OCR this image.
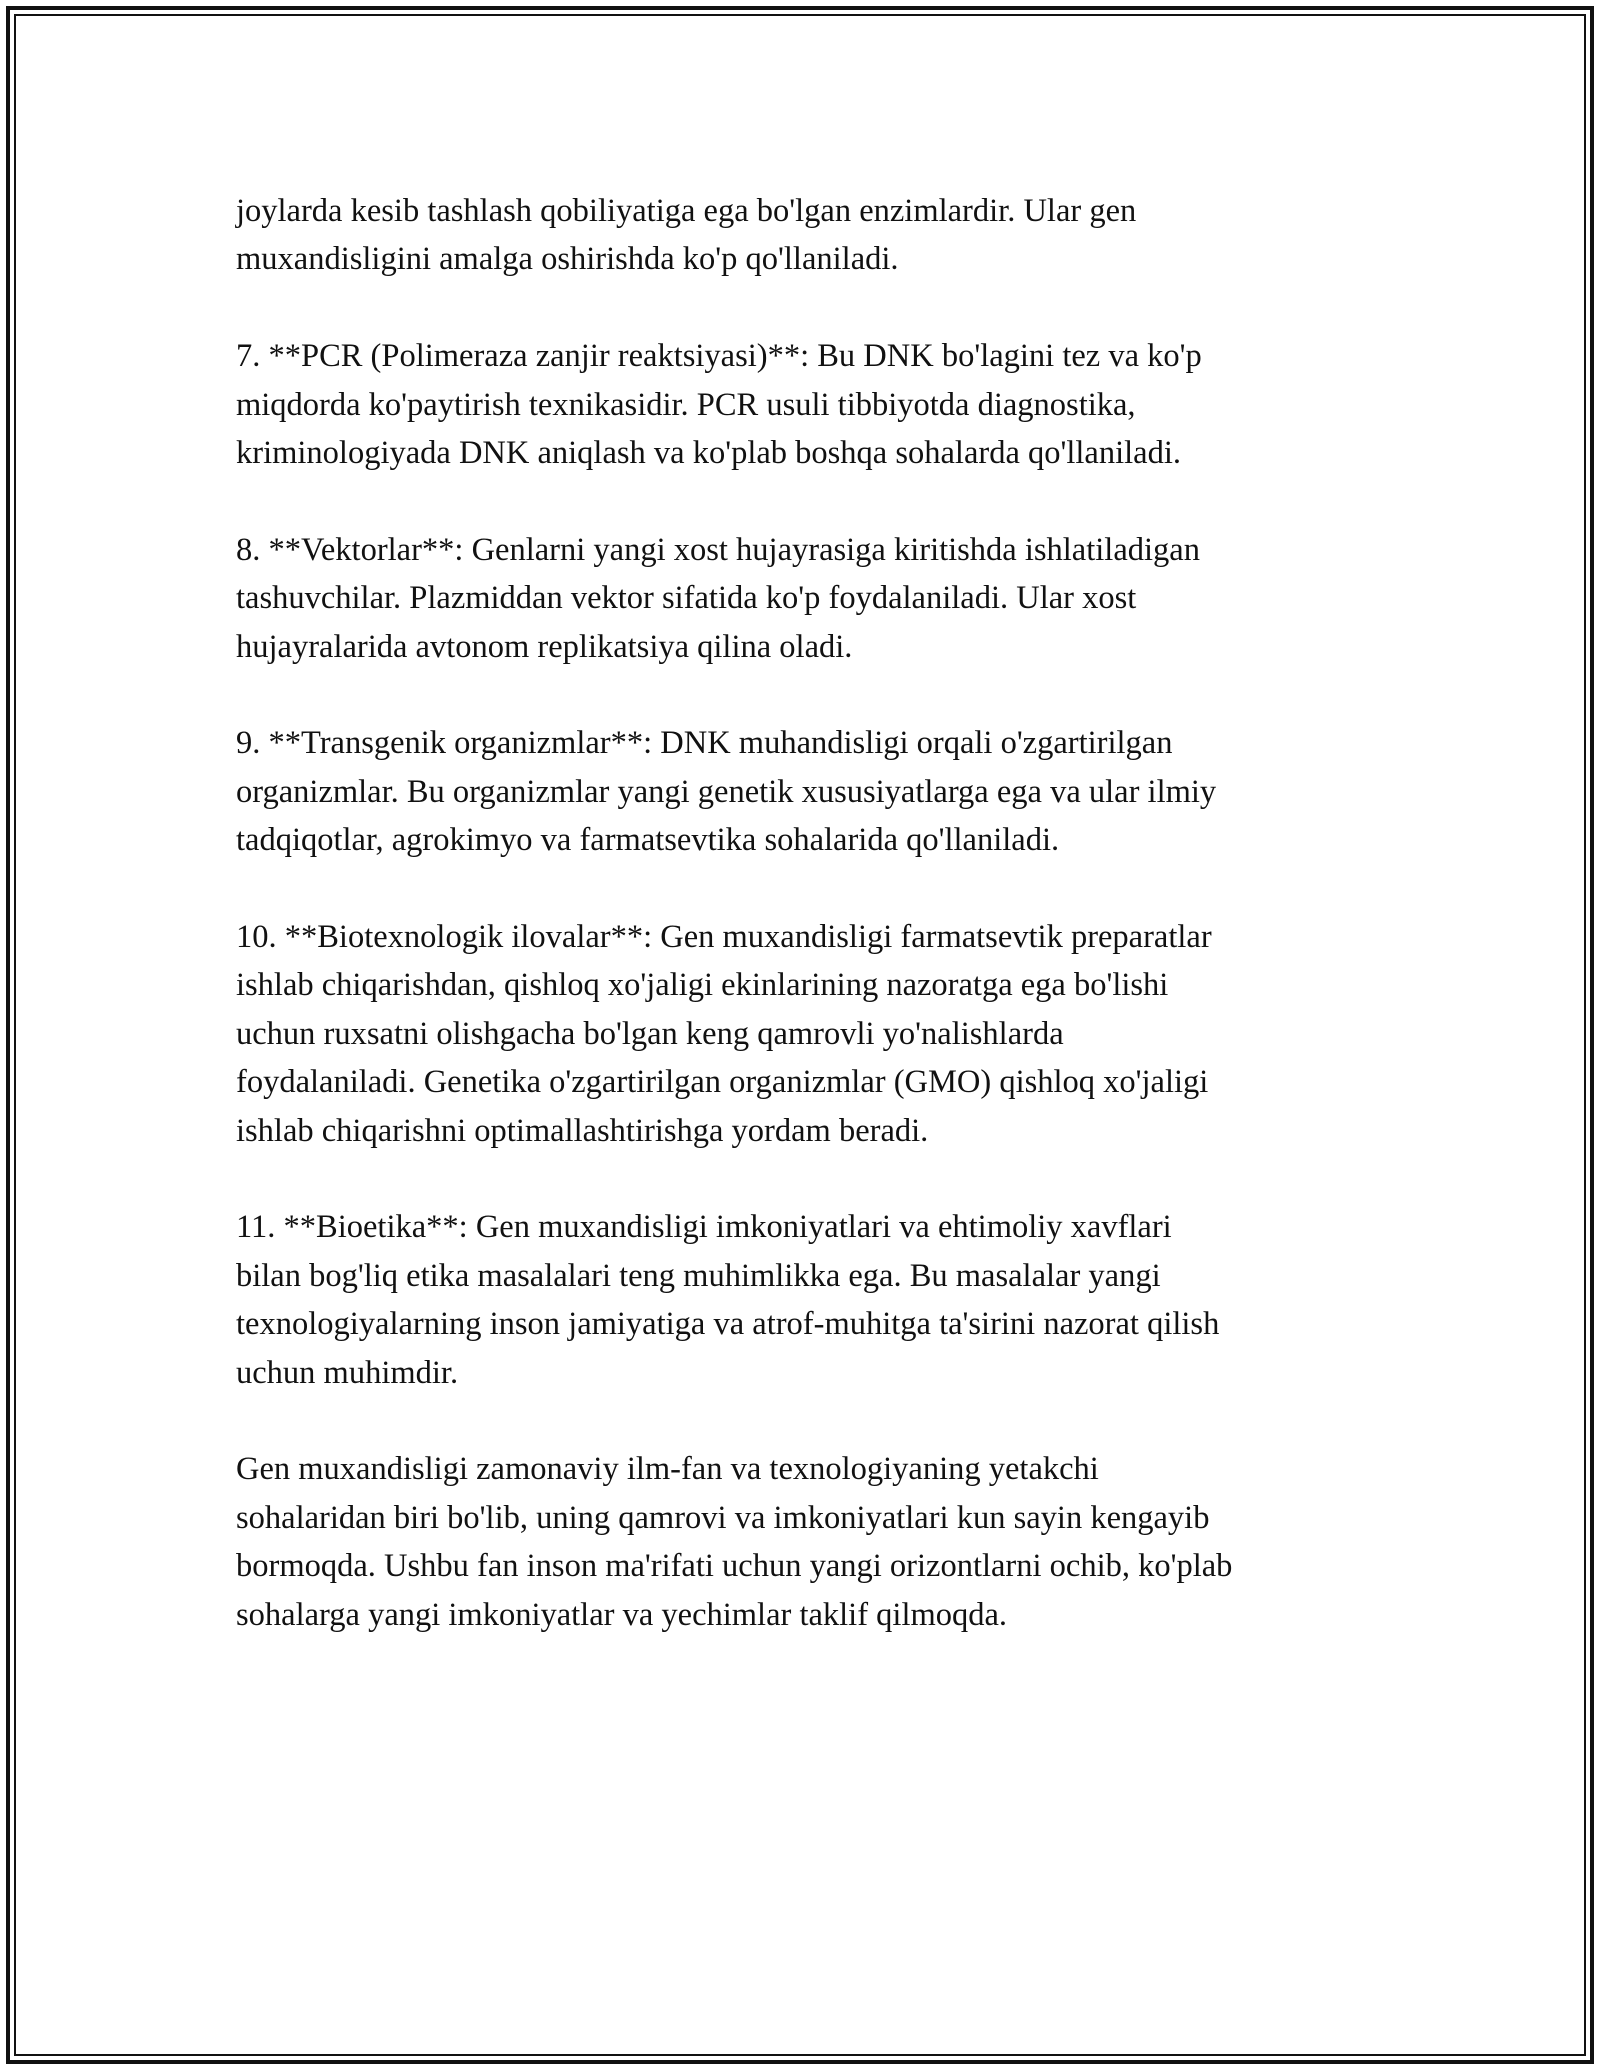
joylarda kesib tashlash qobiliyatiga ega bo'lgan enzimlardir. Ular gen
muxandisligini amalga oshirishda ko'p qo'llaniladi.

7. **PCR (Polimeraza zanjir reaktsiyasi)**: Bu DNK bo'lagini tez va ko'p
miqdorda ko'paytirish texnikasidir. PCR usuli tibbiyotda diagnostika,
kriminologiyada DNK aniqlash va ko'plab boshqa sohalarda qo'llaniladi.

8. **Vektorlar**: Genlarni yangi xost hujayrasiga kiritishda ishlatiladigan
tashuvchilar. Plazmiddan vektor sifatida ko'p foydalaniladi. Ular xost
hujayralarida avtonom replikatsiya qilina oladi.

9. **Transgenik organizmlar**: DNK muhandisligi orqali o'zgartirilgan
organizmlar. Bu organizmlar yangi genetik xususiyatlarga ega va ular ilmiy
tadqiqotlar, agrokimyo va farmatsevtika sohalarida qo'llaniladi.

10. **Biotexnologik ilovalar**: Gen muxandisligi farmatsevtik preparatlar
ishlab chiqarishdan, qishloq xo'jaligi ekinlarining nazoratga ega bo'lishi
uchun ruxsatni olishgacha bo'lgan keng qamrovli yo'nalishlarda
foydalaniladi. Genetika o'zgartirilgan organizmlar (GMO) qishloq xo'jaligi
ishlab chiqarishni optimallashtirishga yordam beradi.

11. **Bioetika**: Gen muxandisligi imkoniyatlari va ehtimoliy xavflari
bilan bog'liq etika masalalari teng muhimlikka ega. Bu masalalar yangi
texnologiyalarning inson jamiyatiga va atrof-muhitga ta'sirini nazorat qilish
uchun muhimdir.

Gen muxandisligi zamonaviy ilm-fan va texnologiyaning yetakchi
sohalaridan biri bo'lib, uning qamrovi va imkoniyatlari kun sayin kengayib
bormoqda. Ushbu fan inson ma'rifati uchun yangi orizontlarni ochib, ko'plab
sohalarga yangi imkoniyatlar va yechimlar taklif qilmoqda.
